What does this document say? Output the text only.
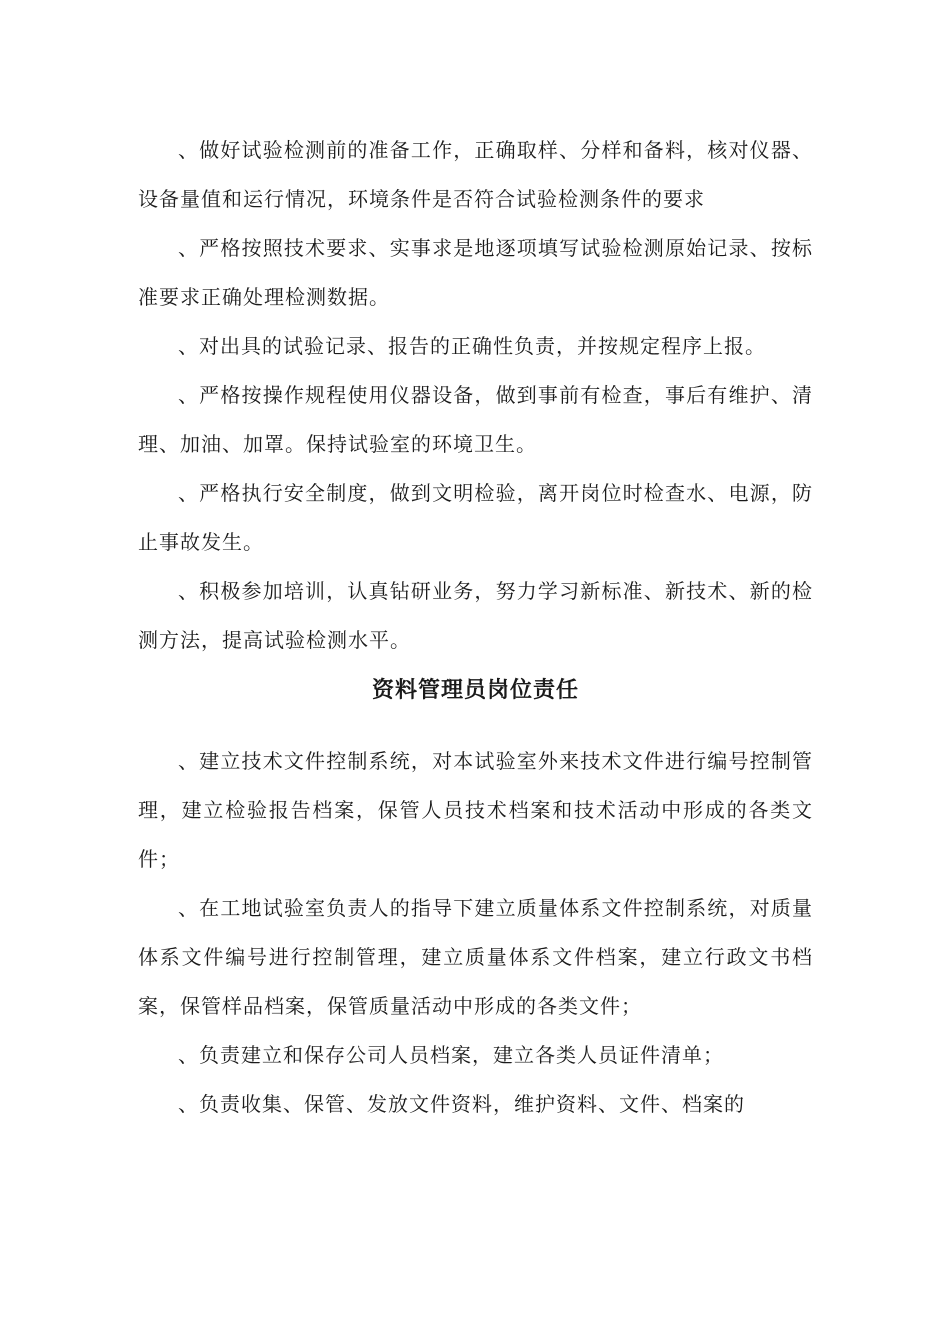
、做好试验检测前的准备工作，正确取样、分样和备料，核对仪器、设备量值和运行情况，环境条件是否符合试验检测条件的要求

、严格按照技术要求、实事求是地逐项填写试验检测原始记录、按标准要求正确处理检测数据。

、对出具的试验记录、报告的正确性负责，并按规定程序上报。

、严格按操作规程使用仪器设备，做到事前有检查，事后有维护、清理、加油、加罩。保持试验室的环境卫生。

、严格执行安全制度，做到文明检验，离开岗位时检查水、电源，防止事故发生。

、积极参加培训，认真钻研业务，努力学习新标准、新技术、新的检测方法，提高试验检测水平。

资料管理员岗位责任

、建立技术文件控制系统，对本试验室外来技术文件进行编号控制管理，建立检验报告档案，保管人员技术档案和技术活动中形成的各类文件；

、在工地试验室负责人的指导下建立质量体系文件控制系统，对质量体系文件编号进行控制管理，建立质量体系文件档案，建立行政文书档案，保管样品档案，保管质量活动中形成的各类文件；

、负责建立和保存公司人员档案，建立各类人员证件清单；

、负责收集、保管、发放文件资料，维护资料、文件、档案的
